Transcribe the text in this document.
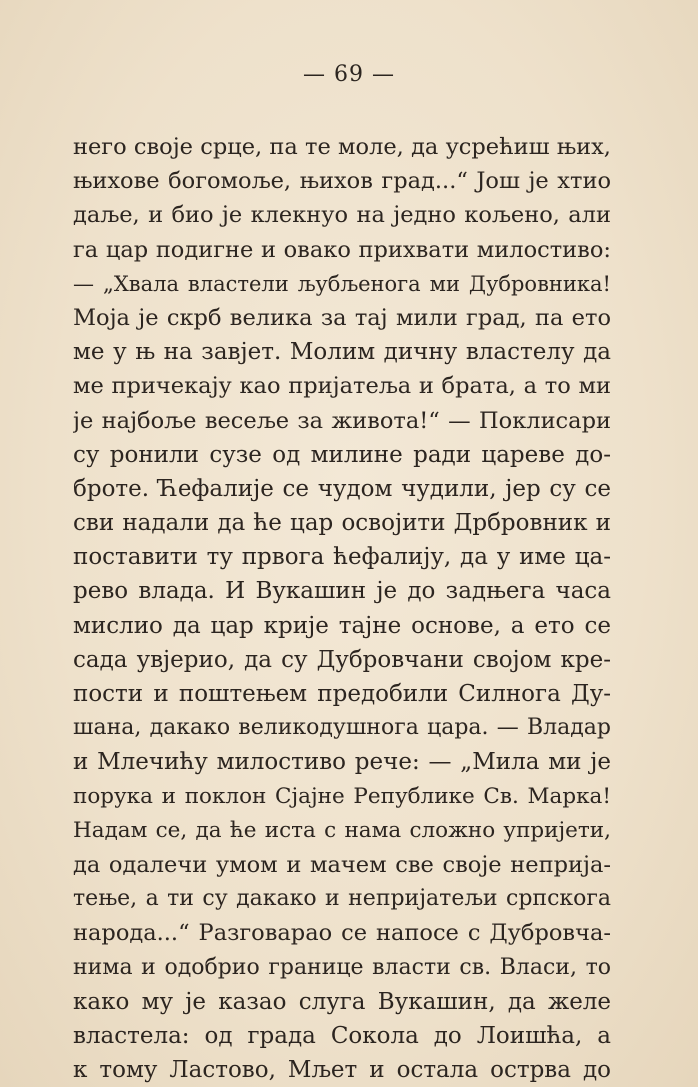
— 69 —
него своје срце, па те моле, да усрећиш њих,
њихове богомоље, њихов град...“ Још је хтио
даље, и био је клекнуо на једно кољено, али
га цар подигне и овако прихвати милостиво:
— „Хвала властели љубљенога ми Дубровника!
Моја је скрб велика за тај мили град, па ето
ме у њ на завјет. Молим дичну властелу да
ме причекају као пријатеља и брата, а то ми
је најбоље весеље за живота!“ — Поклисари
су ронили сузе од милине ради цареве до-
броте. Ћефалије се чудом чудили, јер су се
сви надали да ће цар освојити Дрбровник и
поставити ту првога ћефалију, да у име ца-
рево влада. И Вукашин је до задњега часа
мислио да цар крије тајне основе, а ето се
сада увјерио, да су Дубровчани својом кре-
пости и поштењем предобили Силнога Ду-
шана, дакако великодушнога цара. — Владар
и Млечићу милостиво рече: — „Мила ми је
порука и поклон Сјајне Републике Св. Марка!
Надам се, да ће иста с нама сложно упријети,
да одалечи умом и мачем све своје неприја-
тење, а ти су дакако и непријатељи српскога
народа...“ Разговарао се напосе с Дубровча-
нима и одобрио границе власти св. Власи, то
како му је казао слуга Вукашин, да желе
властела: од града Сокола до Лоишћа, а
к тому Ластово, Мљет и остала острва до
